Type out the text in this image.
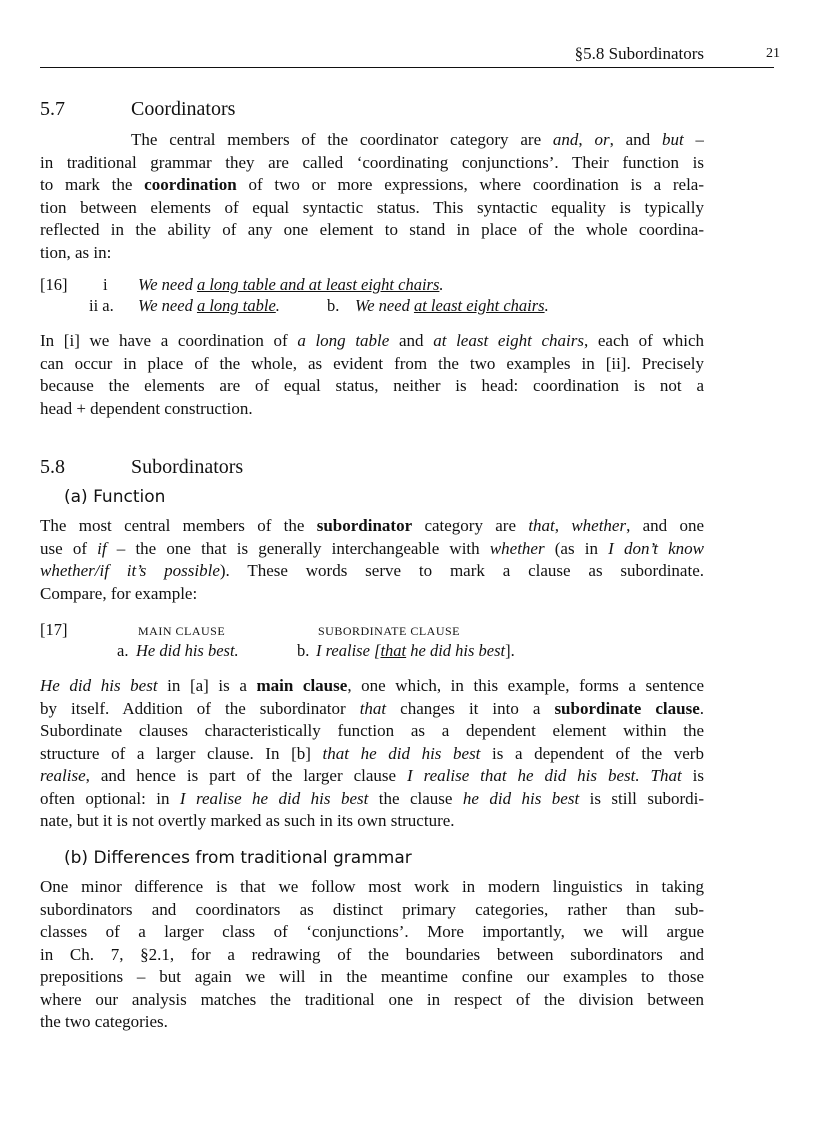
§5.8 Subordinators	21
5.7	Coordinators
The central members of the coordinator category are and, or, and but –
in traditional grammar they are called ‘coordinating conjunctions’. Their function is
to mark the coordination of two or more expressions, where coordination is a rela-
tion between elements of equal syntactic status. This syntactic equality is typically
reflected in the ability of any one element to stand in place of the whole coordina-
tion, as in:
[16] i We need a long table and at least eight chairs.
ii a. We need a long table.	b. We need at least eight chairs.
In [i] we have a coordination of a long table and at least eight chairs, each of which
can occur in place of the whole, as evident from the two examples in [ii]. Precisely
because the elements are of equal status, neither is head: coordination is not a
head + dependent construction.
5.8	Subordinators
(a) Function
The most central members of the subordinator category are that, whether, and one
use of if – the one that is generally interchangeable with whether (as in I don’t know
whether/if it’s possible). These words serve to mark a clause as subordinate.
Compare, for example:
[17]	MAIN CLAUSE	SUBORDINATE CLAUSE
a. He did his best.	b. I realise [that he did his best].
He did his best in [a] is a main clause, one which, in this example, forms a sentence
by itself. Addition of the subordinator that changes it into a subordinate clause.
Subordinate clauses characteristically function as a dependent element within the
structure of a larger clause. In [b] that he did his best is a dependent of the verb
realise, and hence is part of the larger clause I realise that he did his best. That is
often optional: in I realise he did his best the clause he did his best is still subordi-
nate, but it is not overtly marked as such in its own structure.
(b) Differences from traditional grammar
One minor difference is that we follow most work in modern linguistics in taking
subordinators and coordinators as distinct primary categories, rather than sub-
classes of a larger class of ‘conjunctions’. More importantly, we will argue
in Ch. 7, §2.1, for a redrawing of the boundaries between subordinators and
prepositions – but again we will in the meantime confine our examples to those
where our analysis matches the traditional one in respect of the division between
the two categories.
